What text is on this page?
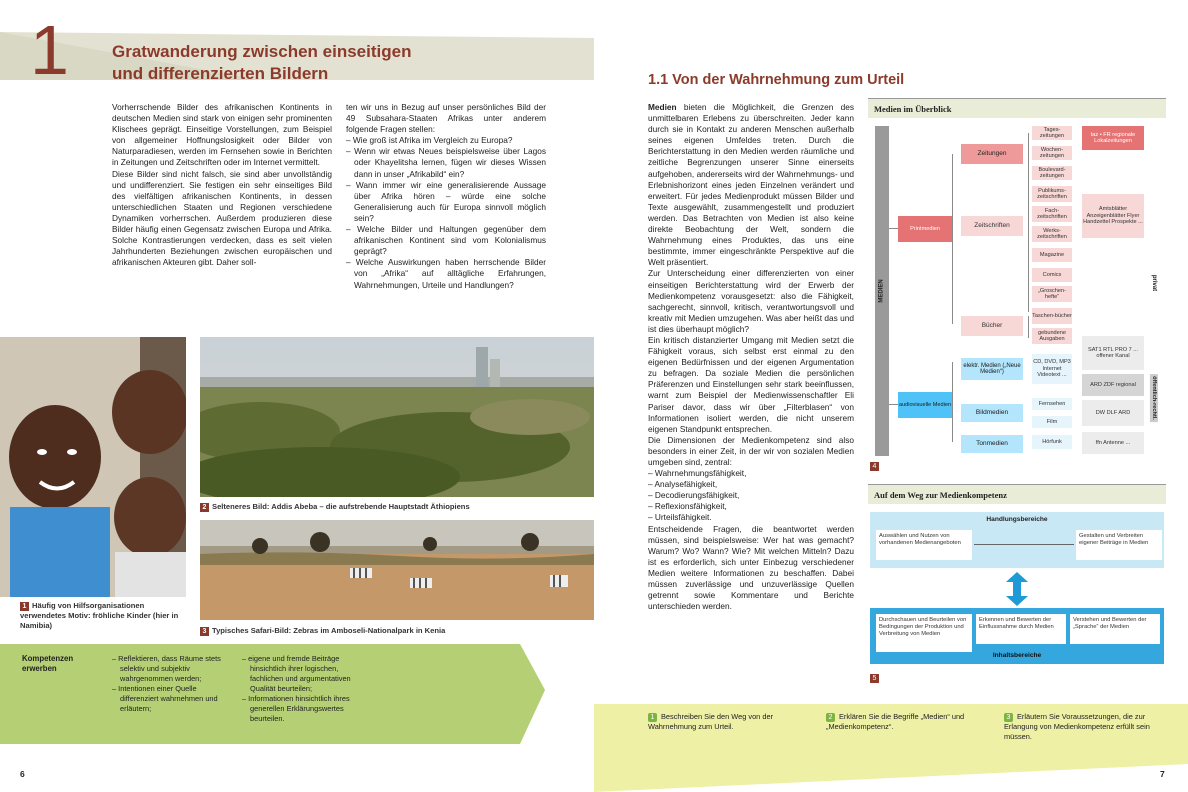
1	Gratwanderung zwischen einseitigen
und differenzierten Bildern
Vorherrschende Bilder des afrikanischen Kontinents in deutschen Medien sind stark von einigen sehr prominenten Klischees geprägt. Einseitige Vorstellungen, zum Beispiel von allgemeiner Hoffnungslosigkeit oder Bilder von Naturparadiesen, werden im Fernsehen sowie in Berichten in Zeitungen und Zeitschriften oder im Internet vermittelt.
Diese Bilder sind nicht falsch, sie sind aber unvollständig und undifferenziert. Sie festigen ein sehr einseitiges Bild des vielfältigen afrikanischen Kontinents, in dessen unterschiedlichen Staaten und Regionen verschiedene Dynamiken vorherrschen. Außerdem produzieren diese Bilder häufig einen Gegensatz zwischen Europa und Afrika. Solche Kontrastierungen verdecken, dass es seit vielen Jahrhunderten Beziehungen zwischen europäischen und afrikanischen Akteuren gibt. Daher soll-

ten wir uns in Bezug auf unser persönliches Bild der 49 Subsahara-Staaten Afrikas unter anderem folgende Fragen stellen:

– Wie groß ist Afrika im Vergleich zu Europa?
– Wenn wir etwas Neues beispielsweise über Lagos oder Khayelitsha lernen, fügen wir dieses Wissen dann in unser „Afrikabild“ ein?
– Wann immer wir eine generalisierende Aussage über Afrika hören – würde eine solche Generalisierung auch für Europa sinnvoll möglich sein?
– Welche Bilder und Haltungen gegenüber dem afrikanischen Kontinent sind vom Kolonialismus geprägt?
– Welche Auswirkungen haben herrschende Bilder von „Afrika“ auf alltägliche Erfahrungen, Wahrnehmungen, Urteile und Handlungen?
1 Häufig von Hilfsorganisationen verwendetes Motiv: fröhliche Kinder (hier in Namibia)
2 Selteneres Bild: Addis Abeba – die aufstrebende Hauptstadt Äthiopiens
3 Typisches Safari-Bild: Zebras im Amboseli-Nationalpark in Kenia
Kompetenzen
erwerben
– Reflektieren, dass Räume stets selektiv und subjektiv wahrgenommen werden;
– Intentionen einer Quelle differenziert wahrnehmen und erläutern;
– eigene und fremde Beiträge hinsichtlich ihrer logischen, fachlichen und argumentativen Qualität beurteilen;
– Informationen hinsichtlich ihres generellen Erklärungswertes beurteilen.
6
1.1 Von der Wahrnehmung zum Urteil

Medien bieten die Möglichkeit, die Grenzen des unmittelbaren Erlebens zu überschreiten. Jeder kann durch sie in Kontakt zu anderen Menschen außerhalb seines eigenen Umfeldes treten. Durch die Berichterstattung in den Medien werden räumliche und zeitliche Begrenzungen unserer Sinne einerseits aufgehoben, andererseits wird der Wahrnehmungs- und Erlebnishorizont eines jeden Einzelnen verändert und erweitert. Für jedes Medienprodukt müssen Bilder und Texte ausgewählt, zusammengestellt und produziert werden. Das Betrachten von Medien ist also keine direkte Beobachtung der Welt, sondern die Wahrnehmung eines Produktes, das uns eine bestimmte, immer eingeschränkte Perspektive auf die Welt präsentiert.

Zur Unterscheidung einer differenzierten von einer einseitigen Berichterstattung wird der Erwerb der Medienkompetenz vorausgesetzt: also die Fähigkeit, sachgerecht, sinnvoll, kritisch, verantwortungsvoll und kreativ mit Medien umzugehen. Was aber heißt das und ist dies überhaupt möglich?

Ein kritisch distanzierter Umgang mit Medien setzt die Fähigkeit voraus, sich selbst erst einmal zu den eigenen Bedürfnissen und der eigenen Argumentation zu befragen. Da soziale Medien die persönlichen Präferenzen und Einstellungen sehr stark beeinflussen, warnt zum Beispiel der Medienwissenschaftler Eli Pariser davor, dass wir über „Filterblasen“ von Informationen isoliert werden, die nicht unserem eigenen Standpunkt entsprechen.

Die Dimensionen der Medienkompetenz sind also besonders in einer Zeit, in der wir von sozialen Medien umgeben sind, zentral:

– Wahrnehmungsfähigkeit,
– Analysefähigkeit,
– Decodierungsfähigkeit,
– Reflexionsfähigkeit,
– Urteilsfähigkeit.

Entscheidende Fragen, die beantwortet werden müssen, sind beispielsweise: Wer hat was gemacht? Warum? Wo? Wann? Wie? Mit welchen Mitteln? Dazu ist es erforderlich, sich unter Einbezug verschiedener Medien weitere Informationen zu beschaffen. Dabei müssen zuverlässige und unzuverlässige Quellen getrennt sowie Kommentare und Berichte unterschieden werden.

Medien im Überblick
MEDIEN
Printmedien
audiovisuelle Medien
Zeitungen
Zeitschriften
Bücher
elektr. Medien („Neue Medien“)
Bildmedien
Tonmedien
Tages-zeitungen
Wochen-zeitungen
Boulevard-zeitungen
Publikums-zeitschriften
Fach-zeitschriften
Werks-zeitschriften
Magazine
Comics
„Groschen-hefte“
Taschen-bücher
gebundene Ausgaben
CD, DVD, MP3 Internet Videotext ...
Fernsehen
Film
Hörfunk
taz • FR regionale Lokalzeitungen
Amtsblätter Anzeigenblätter Flyer Handzettel Prospekte ...
privat
SAT1 RTL PRO 7 ... offener Kanal
ARD ZDF regional
DW DLF ARD
ffn Antenne ...
öffentlich-rechtl.
4
Auf dem Weg zur Medienkompetenz
Handlungsbereiche
Auswählen und Nutzen von vorhandenen Medienangeboten
Gestalten und Verbreiten eigener Beiträge in Medien
Durchschauen und Beurteilen von Bedingungen der Produktion und Verbreitung von Medien
Erkennen und Bewerten der Einflussnahme durch Medien
Verstehen und Bewerten der „Sprache“ der Medien
Inhaltsbereiche
5
1 Beschreiben Sie den Weg von der Wahrnehmung zum Urteil.
2 Erklären Sie die Begriffe „Medien“ und „Medienkompetenz“.
3 Erläutern Sie Voraussetzungen, die zur Erlangung von Medienkompetenz erfüllt sein müssen.
7
